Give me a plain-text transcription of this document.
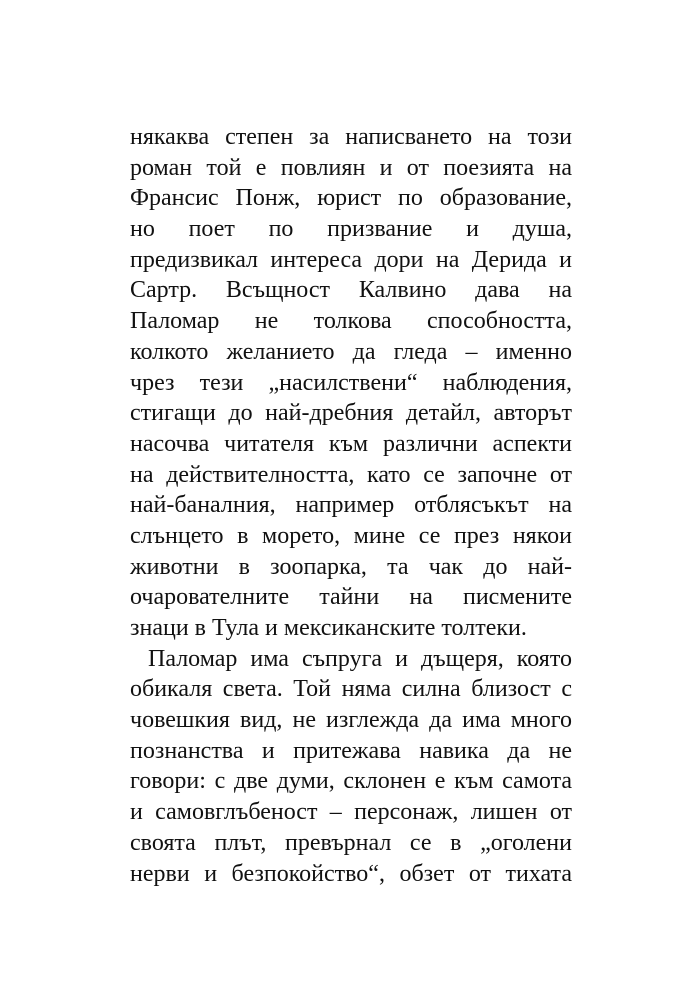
някаква степен за написването на този
роман той е повлиян и от поезията на
Франсис Понж, юрист по образование,
но поет по призвание и душа,
предизвикал интереса дори на Дерида и
Сартр. Всъщност Калвино дава на
Паломар не толкова способността,
колкото желанието да гледа – именно
чрез тези „насилствени“ наблюдения,
стигащи до най-дребния детайл, авторът
насочва читателя към различни аспекти
на действителността, като се започне от
най-баналния, например отблясъкът на
слънцето в морето, мине се през някои
животни в зоопарка, та чак до най-
очарователните тайни на писмените
знаци в Тула и мексиканските толтеки.
Паломар има съпруга и дъщеря, която
обикаля света. Той няма силна близост с
човешкия вид, не изглежда да има много
познанства и притежава навика да не
говори: с две думи, склонен е към самота
и самовглъбеност – персонаж, лишен от
своята плът, превърнал се в „оголени
нерви и безпокойство“, обзет от тихата
